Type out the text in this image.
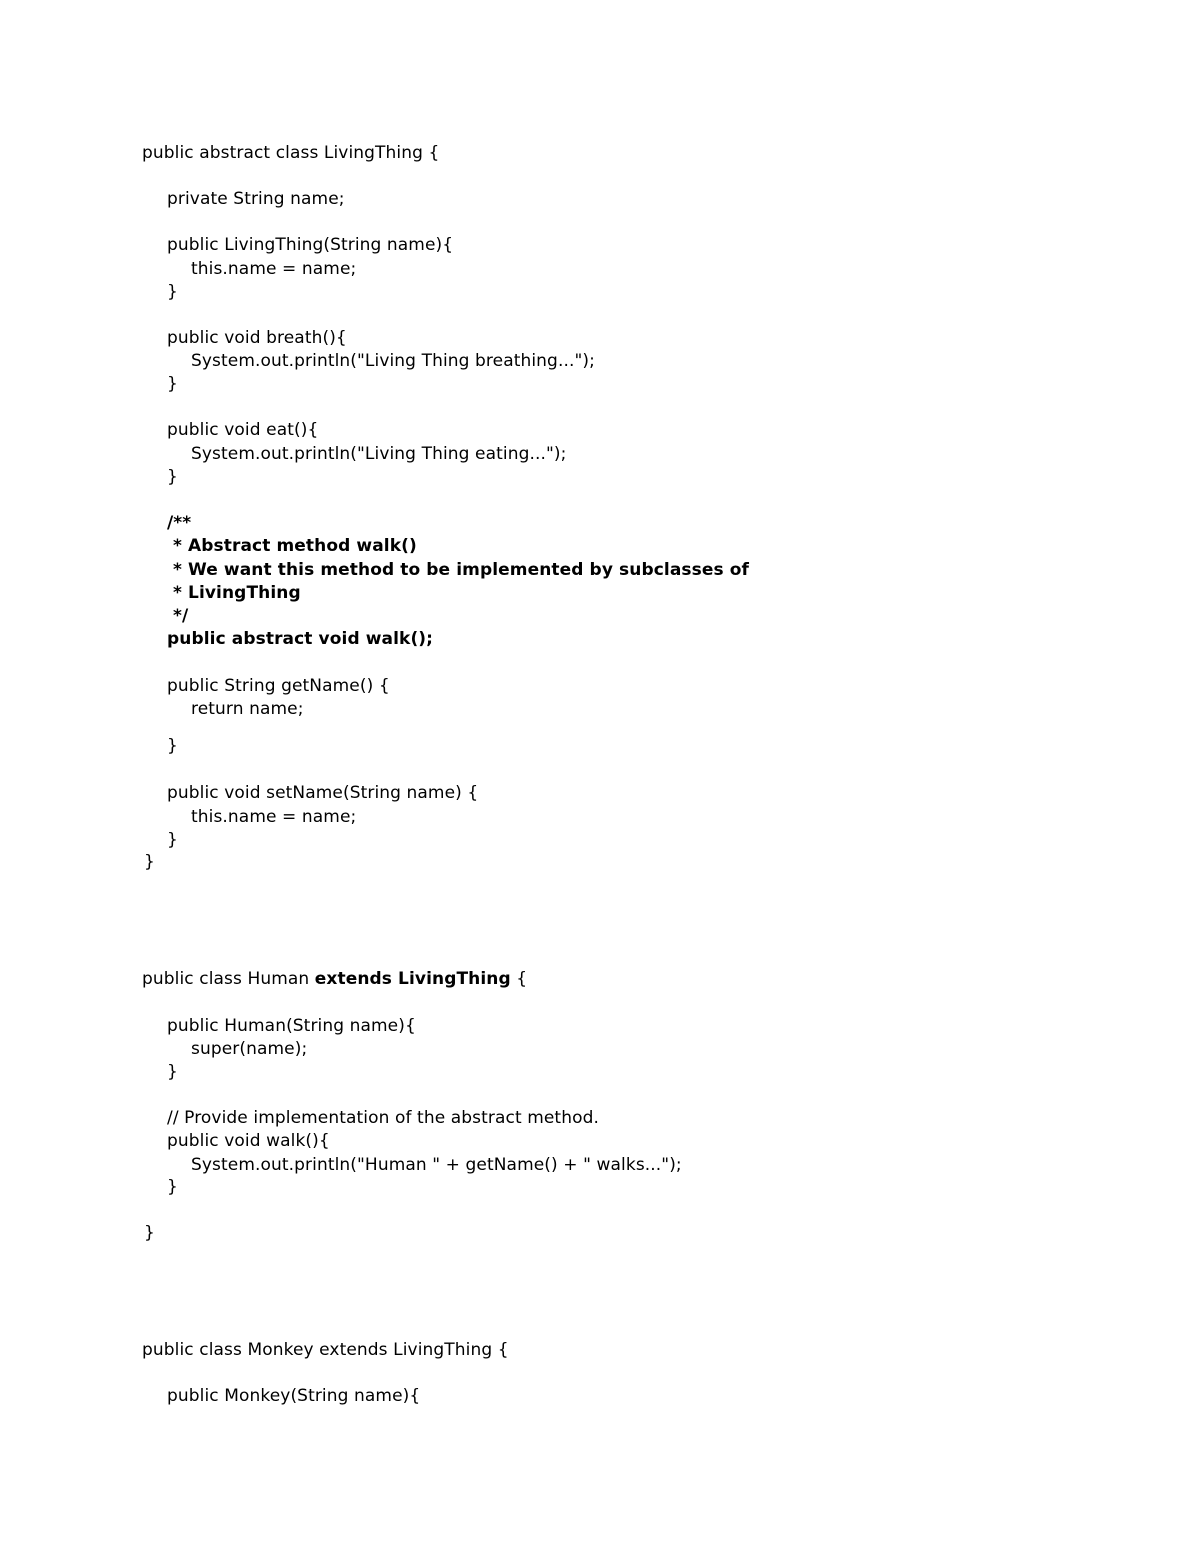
public abstract class LivingThing {
private String name;
public LivingThing(String name){
this.name = name;
}
public void breath(){
System.out.println("Living Thing breathing...");
}
public void eat(){
System.out.println("Living Thing eating...");
}
/**
* Abstract method walk()
* We want this method to be implemented by subclasses of
* LivingThing
*/
public abstract void walk();
public String getName() {
return name;
}
public void setName(String name) {
this.name = name;
}
}
public class Human extends LivingThing {
public Human(String name){
super(name);
}
// Provide implementation of the abstract method.
public void walk(){
System.out.println("Human " + getName() + " walks...");
}
}
public class Monkey extends LivingThing {
public Monkey(String name){
